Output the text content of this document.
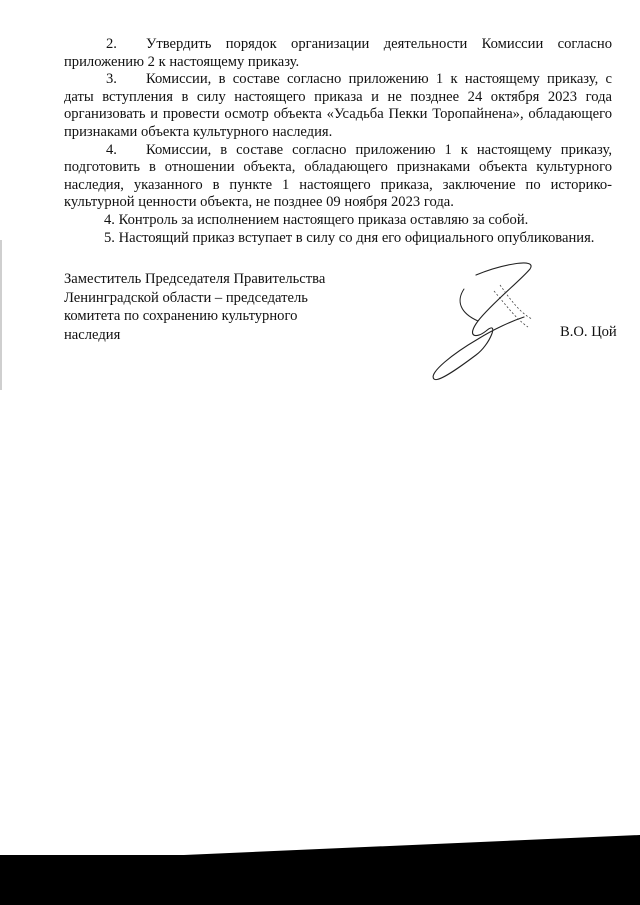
2. Утвердить порядок организации деятельности Комиссии согласно приложению 2 к настоящему приказу.

3. Комиссии, в составе согласно приложению 1 к настоящему приказу, с даты вступления в силу настоящего приказа и не позднее 24 октября 2023 года организовать и провести осмотр объекта «Усадьба Пекки Торопайнена», обладающего признаками объекта культурного наследия.

4. Комиссии, в составе согласно приложению 1 к настоящему приказу, подготовить в отношении объекта, обладающего признаками объекта культурного наследия, указанного в пункте 1 настоящего приказа, заключение по историко-культурной ценности объекта, не позднее 09 ноября 2023 года.

4. Контроль за исполнением настоящего приказа оставляю за собой.

5. Настоящий приказ вступает в силу со дня его официального опубликования.

Заместитель Председателя Правительства
Ленинградской области – председатель
комитета по сохранению культурного
наследия	В.О. Цой
